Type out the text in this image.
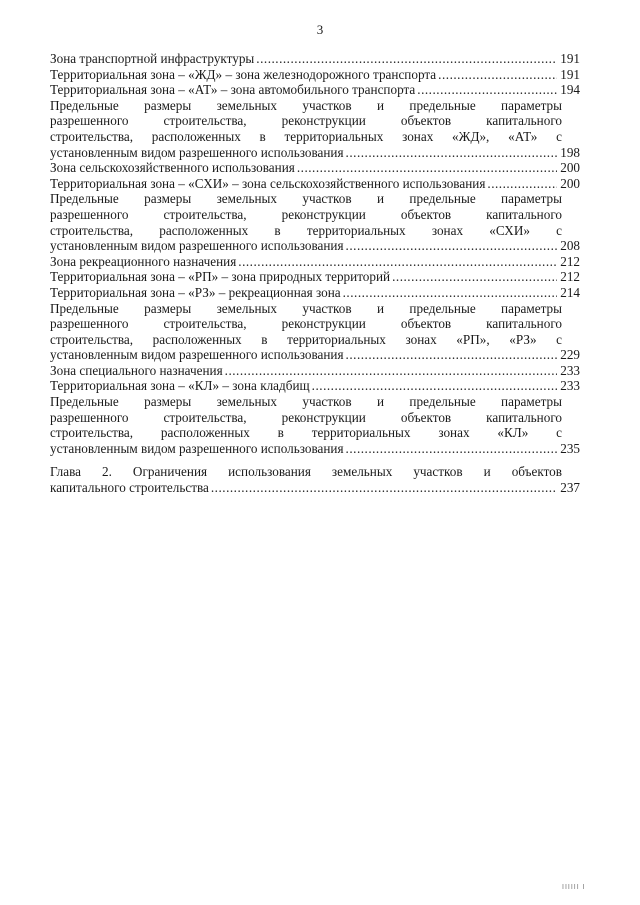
3
Зона транспортной инфраструктуры .....	191
Территориальная зона – «ЖД» – зона железнодорожного транспорта .....	191
Территориальная зона – «АТ» – зона автомобильного транспорта .....	194
Предельные размеры земельных участков и предельные параметры
разрешенного строительства, реконструкции объектов капитального
строительства, расположенных в территориальных зонах «ЖД», «АТ» с
установленным видом разрешенного использования .....	198
Зона сельскохозяйственного использования .....	200
Территориальная зона – «СХИ» – зона сельскохозяйственного использования .....	200
Предельные размеры земельных участков и предельные параметры
разрешенного строительства, реконструкции объектов капитального
строительства, расположенных в территориальных зонах «СХИ» с
установленным видом разрешенного использования .....	208
Зона рекреационного назначения .....	212
Территориальная зона – «РП» – зона природных территорий .....	212
Территориальная зона – «РЗ» – рекреационная зона .....	214
Предельные размеры земельных участков и предельные параметры
разрешенного строительства, реконструкции объектов капитального
строительства, расположенных в территориальных зонах «РП», «РЗ» с
установленным видом разрешенного использования .....	229
Зона специального назначения .....	233
Территориальная зона – «КЛ» – зона кладбищ .....	233
Предельные размеры земельных участков и предельные параметры
разрешенного строительства, реконструкции объектов капитального
строительства, расположенных в территориальных зонах «КЛ» с
установленным видом разрешенного использования .....	235
Глава 2. Ограничения использования земельных участков и объектов
капитального строительства .....	237
ІІІІІІ І
